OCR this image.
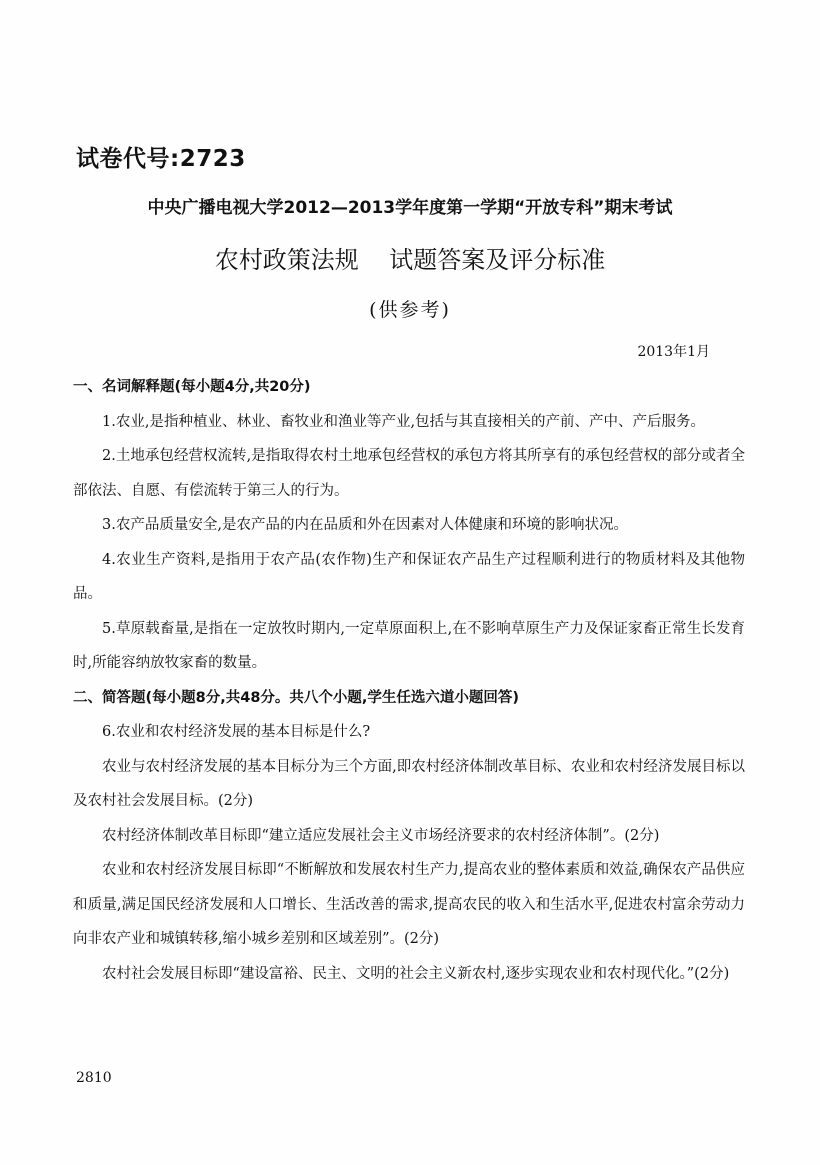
试卷代号:2723
中央广播电视大学2012—2013学年度第一学期“开放专科”期末考试
农村政策法规    试题答案及评分标准
(供参考)
2013年1月
一、名词解释题(每小题4分,共20分)
1.农业,是指种植业、林业、畜牧业和渔业等产业,包括与其直接相关的产前、产中、产后服务。
2.土地承包经营权流转,是指取得农村土地承包经营权的承包方将其所享有的承包经营权的部分或者全部依法、自愿、有偿流转于第三人的行为。
3.农产品质量安全,是农产品的内在品质和外在因素对人体健康和环境的影响状况。
4.农业生产资料,是指用于农产品(农作物)生产和保证农产品生产过程顺利进行的物质材料及其他物品。
5.草原载畜量,是指在一定放牧时期内,一定草原面积上,在不影响草原生产力及保证家畜正常生长发育时,所能容纳放牧家畜的数量。
二、简答题(每小题8分,共48分。共八个小题,学生任选六道小题回答)
6.农业和农村经济发展的基本目标是什么?
农业与农村经济发展的基本目标分为三个方面,即农村经济体制改革目标、农业和农村经济发展目标以及农村社会发展目标。(2分)
农村经济体制改革目标即“建立适应发展社会主义市场经济要求的农村经济体制”。(2分)
农业和农村经济发展目标即“不断解放和发展农村生产力,提高农业的整体素质和效益,确保农产品供应和质量,满足国民经济发展和人口增长、生活改善的需求,提高农民的收入和生活水平,促进农村富余劳动力向非农产业和城镇转移,缩小城乡差别和区域差别”。(2分)
农村社会发展目标即“建设富裕、民主、文明的社会主义新农村,逐步实现农业和农村现代化。”(2分)
2810
